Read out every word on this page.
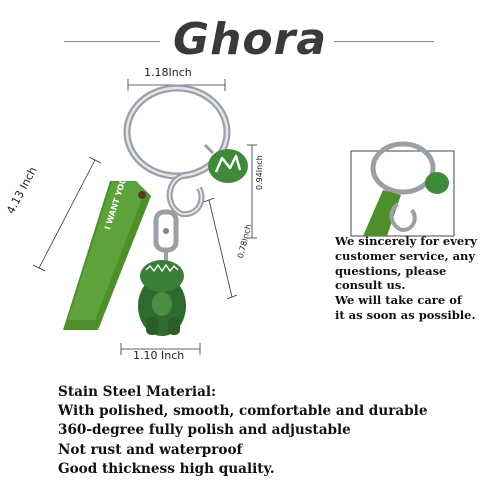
Ghora
1.18Inch
4.13 Inch
1.10 Inch
0.94Inch
0.78Inch
I WANT YOU
We sincerely for every
customer service, any
questions, please
consult us.
We will take care of
it as soon as possible.
Stain Steel Material:
With polished, smooth, comfortable and durable
360-degree fully polish and adjustable
Not rust and waterproof
Good thickness high quality.
